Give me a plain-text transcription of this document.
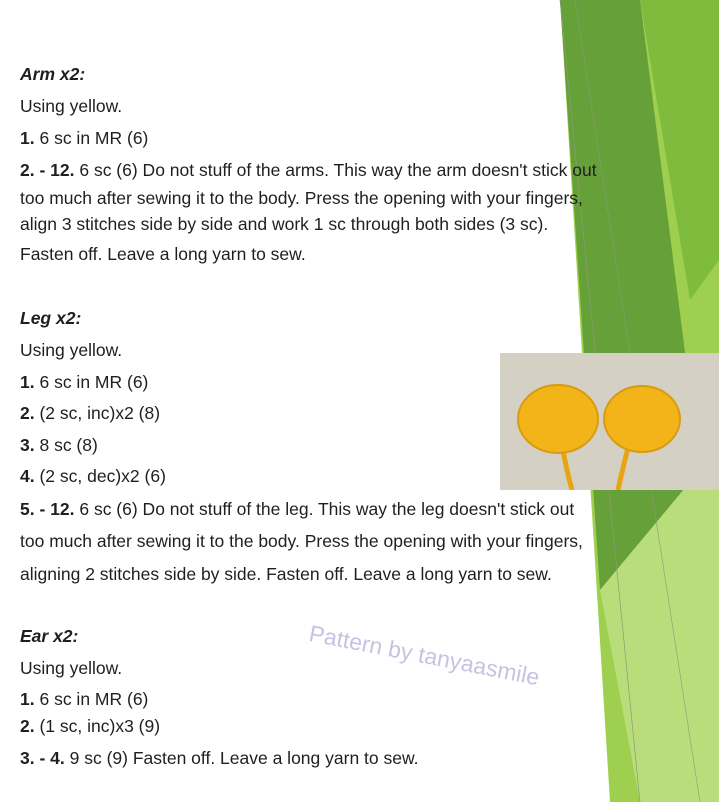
Arm x2:
Using yellow.
1. 6 sc in MR (6)
2. - 12. 6 sc (6) Do not stuff of the arms. This way the arm doesn't stick out
too much after sewing it to the body. Press the opening with your fingers,
align 3 stitches side by side and work 1 sc through both sides (3 sc).
Fasten off. Leave a long yarn to sew.
Leg x2:
Using yellow.
1. 6 sc in MR (6)
2. (2 sc, inc)x2 (8)
3. 8 sc (8)
4. (2 sc, dec)x2 (6)
5. - 12. 6 sc (6) Do not stuff of the leg. This way the leg doesn't stick out
too much after sewing it to the body. Press the opening with your fingers,
aligning 2 stitches side by side. Fasten off. Leave a long yarn to sew.
Ear x2:
Using yellow.
1. 6 sc in MR (6)
2. (1 sc, inc)x3 (9)
3. - 4. 9 sc (9) Fasten off. Leave a long yarn to sew.
Pattern by tanyaasmile
